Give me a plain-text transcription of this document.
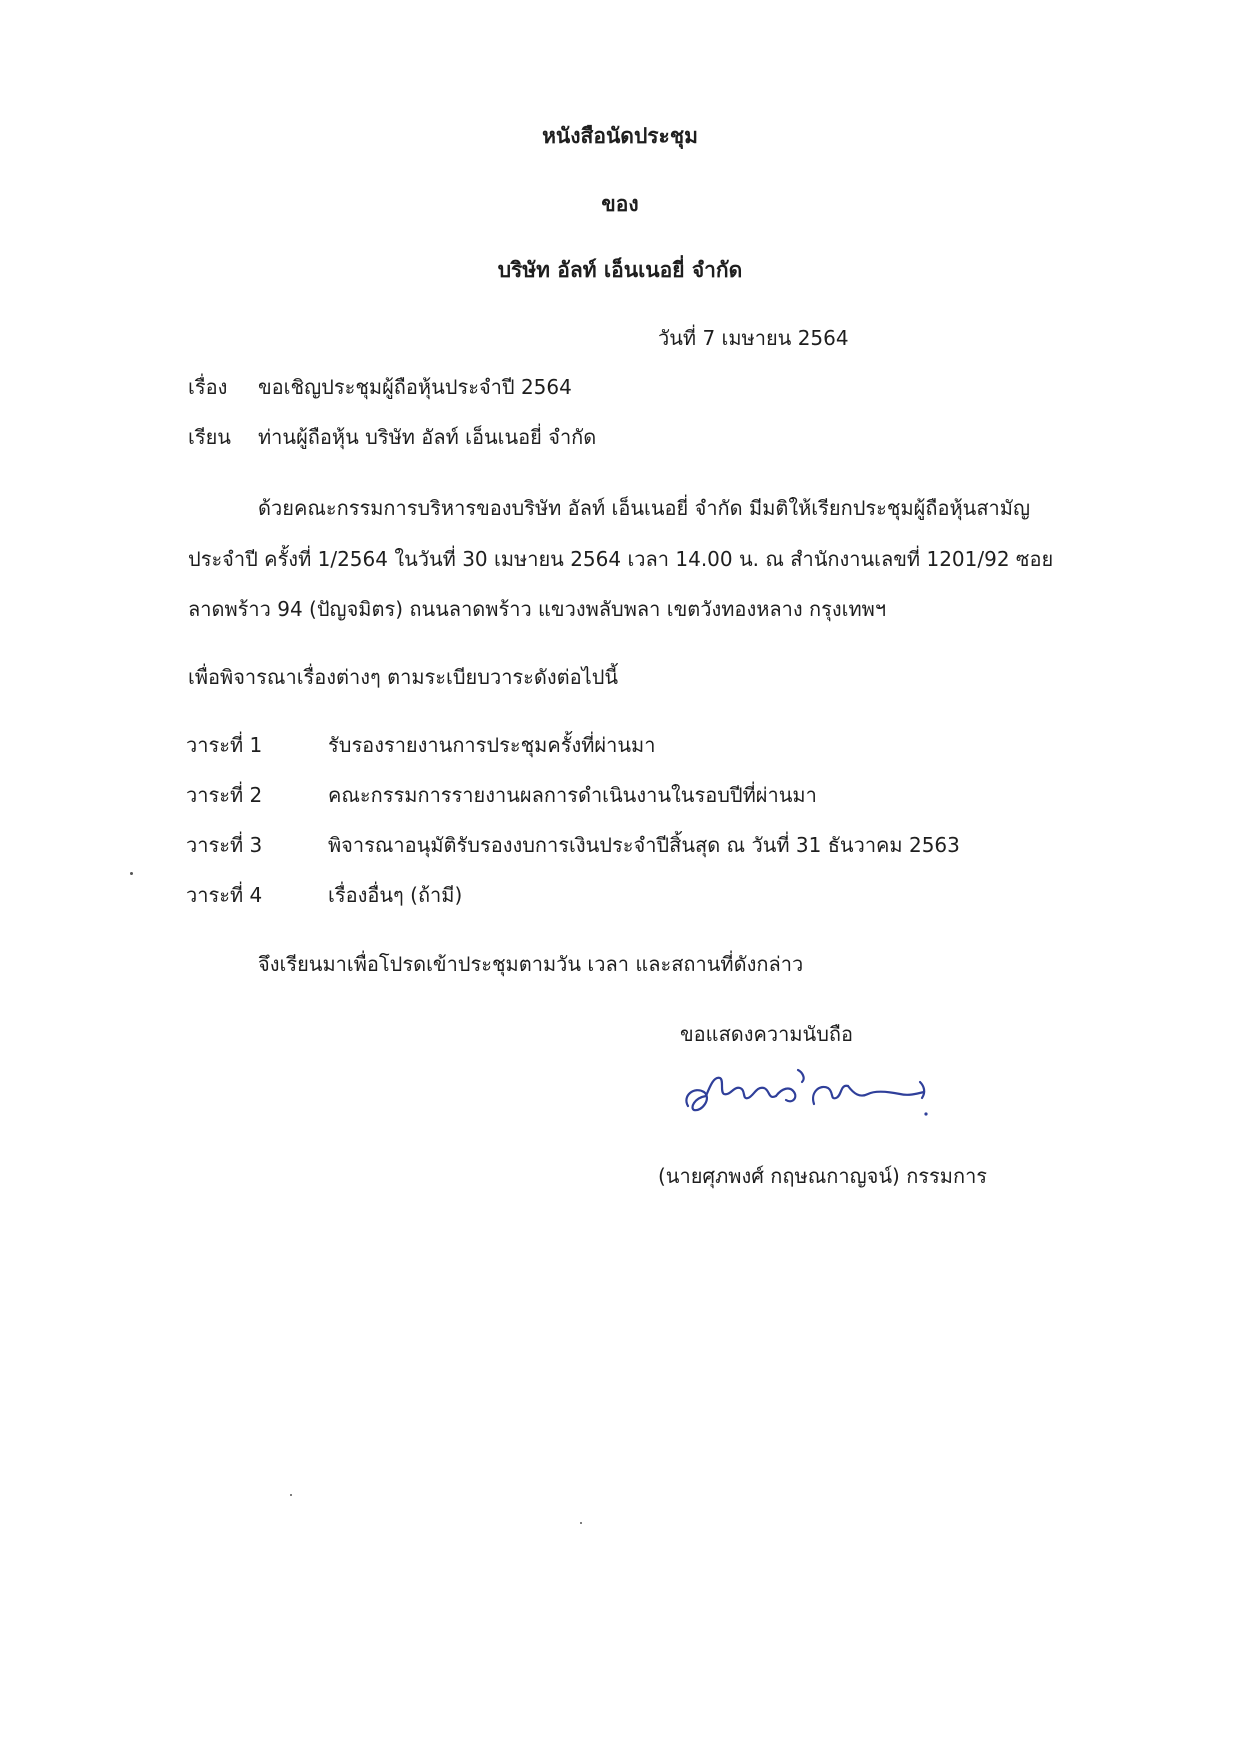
หนังสือนัดประชุม
ของ
บริษัท อัลท์ เอ็นเนอยี่ จำกัด
วันที่ 7 เมษายน 2564
เรื่อง ขอเชิญประชุมผู้ถือหุ้นประจำปี 2564
เรียน ท่านผู้ถือหุ้น บริษัท อัลท์ เอ็นเนอยี่ จำกัด
ด้วยคณะกรรมการบริหารของบริษัท อัลท์ เอ็นเนอยี่ จำกัด มีมติให้เรียกประชุมผู้ถือหุ้นสามัญ
ประจำปี ครั้งที่ 1/2564 ในวันที่ 30 เมษายน 2564 เวลา 14.00 น. ณ สำนักงานเลขที่ 1201/92 ซอย
ลาดพร้าว 94 (ปัญจมิตร) ถนนลาดพร้าว แขวงพลับพลา เขตวังทองหลาง กรุงเทพฯ
เพื่อพิจารณาเรื่องต่างๆ ตามระเบียบวาระดังต่อไปนี้
วาระที่ 1	รับรองรายงานการประชุมครั้งที่ผ่านมา
วาระที่ 2	คณะกรรมการรายงานผลการดำเนินงานในรอบปีที่ผ่านมา
วาระที่ 3	พิจารณาอนุมัติรับรองงบการเงินประจำปีสิ้นสุด ณ วันที่ 31 ธันวาคม 2563
วาระที่ 4	เรื่องอื่นๆ (ถ้ามี)
จึงเรียนมาเพื่อโปรดเข้าประชุมตามวัน เวลา และสถานที่ดังกล่าว
ขอแสดงความนับถือ
(นายศุภพงศ์ กฤษณกาญจน์) กรรมการ
